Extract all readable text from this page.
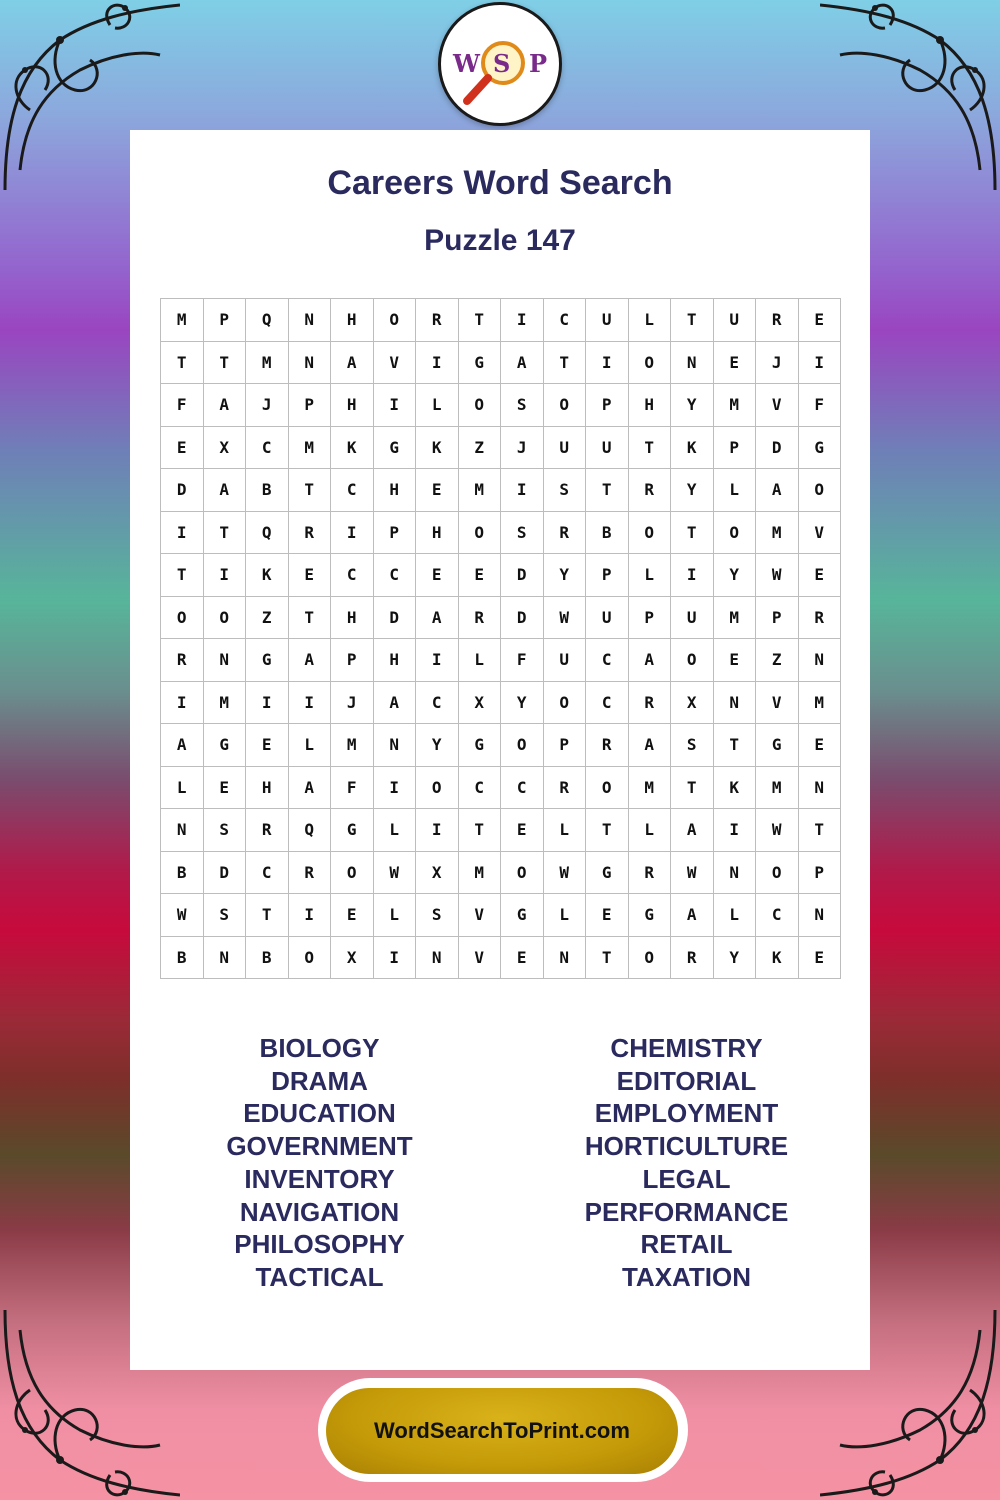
W S P
Careers Word Search
Puzzle 147
M	P	Q	N	H	O	R	T	I	C	U	L	T	U	R	E
T	T	M	N	A	V	I	G	A	T	I	O	N	E	J	I
F	A	J	P	H	I	L	O	S	O	P	H	Y	M	V	F
E	X	C	M	K	G	K	Z	J	U	U	T	K	P	D	G
D	A	B	T	C	H	E	M	I	S	T	R	Y	L	A	O
I	T	Q	R	I	P	H	O	S	R	B	O	T	O	M	V
T	I	K	E	C	C	E	E	D	Y	P	L	I	Y	W	E
O	O	Z	T	H	D	A	R	D	W	U	P	U	M	P	R
R	N	G	A	P	H	I	L	F	U	C	A	O	E	Z	N
I	M	I	I	J	A	C	X	Y	O	C	R	X	N	V	M
A	G	E	L	M	N	Y	G	O	P	R	A	S	T	G	E
L	E	H	A	F	I	O	C	C	R	O	M	T	K	M	N
N	S	R	Q	G	L	I	T	E	L	T	L	A	I	W	T
B	D	C	R	O	W	X	M	O	W	G	R	W	N	O	P
W	S	T	I	E	L	S	V	G	L	E	G	A	L	C	N
B	N	B	O	X	I	N	V	E	N	T	O	R	Y	K	E
BIOLOGY
DRAMA
EDUCATION
GOVERNMENT
INVENTORY
NAVIGATION
PHILOSOPHY
TACTICAL
CHEMISTRY
EDITORIAL
EMPLOYMENT
HORTICULTURE
LEGAL
PERFORMANCE
RETAIL
TAXATION
WordSearchToPrint.com
